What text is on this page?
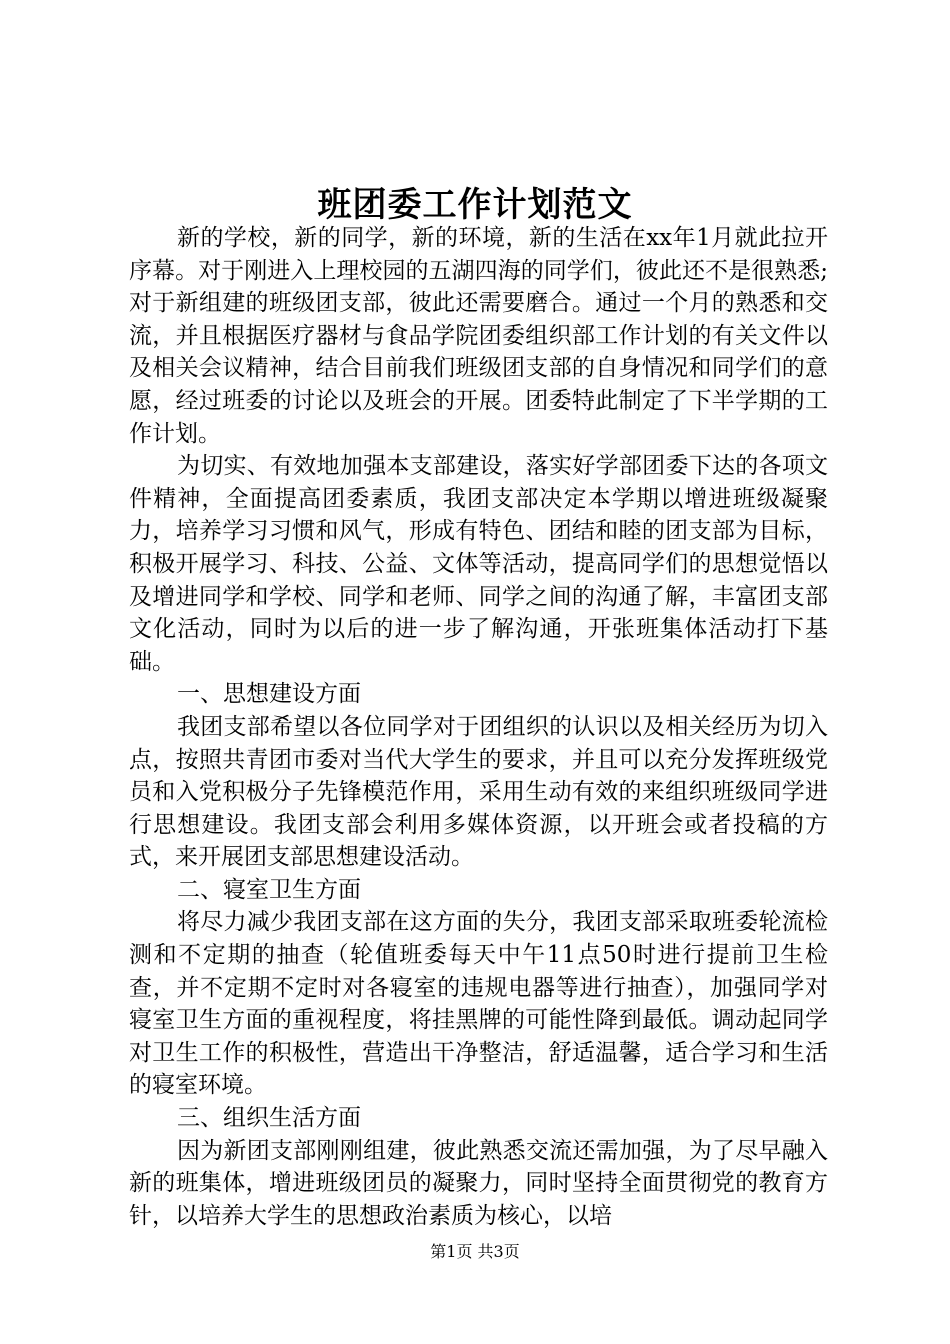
班团委工作计划范文

新的学校，新的同学，新的环境，新的生活在xx年1月就此拉开序幕。对于刚进入上理校园的五湖四海的同学们，彼此还不是很熟悉;对于新组建的班级团支部，彼此还需要磨合。通过一个月的熟悉和交流，并且根据医疗器材与食品学院团委组织部工作计划的有关文件以及相关会议精神，结合目前我们班级团支部的自身情况和同学们的意愿，经过班委的讨论以及班会的开展。团委特此制定了下半学期的工作计划。

为切实、有效地加强本支部建设，落实好学部团委下达的各项文件精神，全面提高团委素质，我团支部决定本学期以增进班级凝聚力，培养学习习惯和风气，形成有特色、团结和睦的团支部为目标，积极开展学习、科技、公益、文体等活动，提高同学们的思想觉悟以及增进同学和学校、同学和老师、同学之间的沟通了解，丰富团支部文化活动，同时为以后的进一步了解沟通，开张班集体活动打下基础。

一、思想建设方面

我团支部希望以各位同学对于团组织的认识以及相关经历为切入点，按照共青团市委对当代大学生的要求，并且可以充分发挥班级党员和入党积极分子先锋模范作用，采用生动有效的来组织班级同学进行思想建设。我团支部会利用多媒体资源，以开班会或者投稿的方式，来开展团支部思想建设活动。

二、寝室卫生方面

将尽力减少我团支部在这方面的失分，我团支部采取班委轮流检测和不定期的抽查（轮值班委每天中午11点50时进行提前卫生检查，并不定期不定时对各寝室的违规电器等进行抽查），加强同学对寝室卫生方面的重视程度，将挂黑牌的可能性降到最低。调动起同学对卫生工作的积极性，营造出干净整洁，舒适温馨，适合学习和生活的寝室环境。

三、组织生活方面

因为新团支部刚刚组建，彼此熟悉交流还需加强，为了尽早融入新的班集体，增进班级团员的凝聚力，同时坚持全面贯彻党的教育方针，以培养大学生的思想政治素质为核心，以培

第1页 共3页
